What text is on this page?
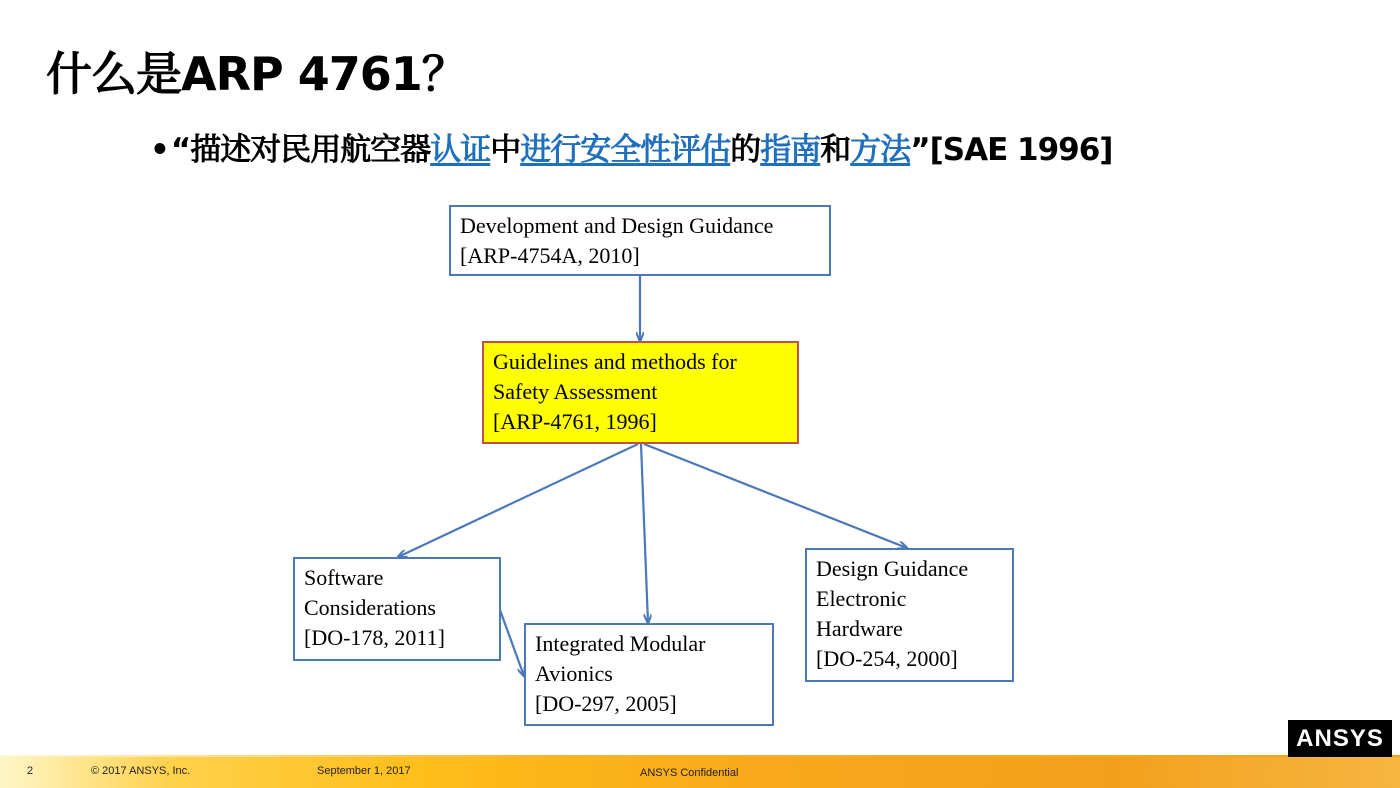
什么是ARP 4761？
•“描述对民用航空器认证中进行安全性评估的指南和方法”[SAE 1996]
Development and Design Guidance
[ARP-4754A, 2010]
Guidelines and methods for
Safety Assessment
[ARP-4761, 1996]
Software
Considerations
[DO-178, 2011]	Integrated Modular
Avionics
[DO-297, 2005]
Design Guidance
Electronic
Hardware
[DO-254, 2000]
ANSYS
2	© 2017 ANSYS, Inc.	September 1, 2017	ANSYS Confidential
